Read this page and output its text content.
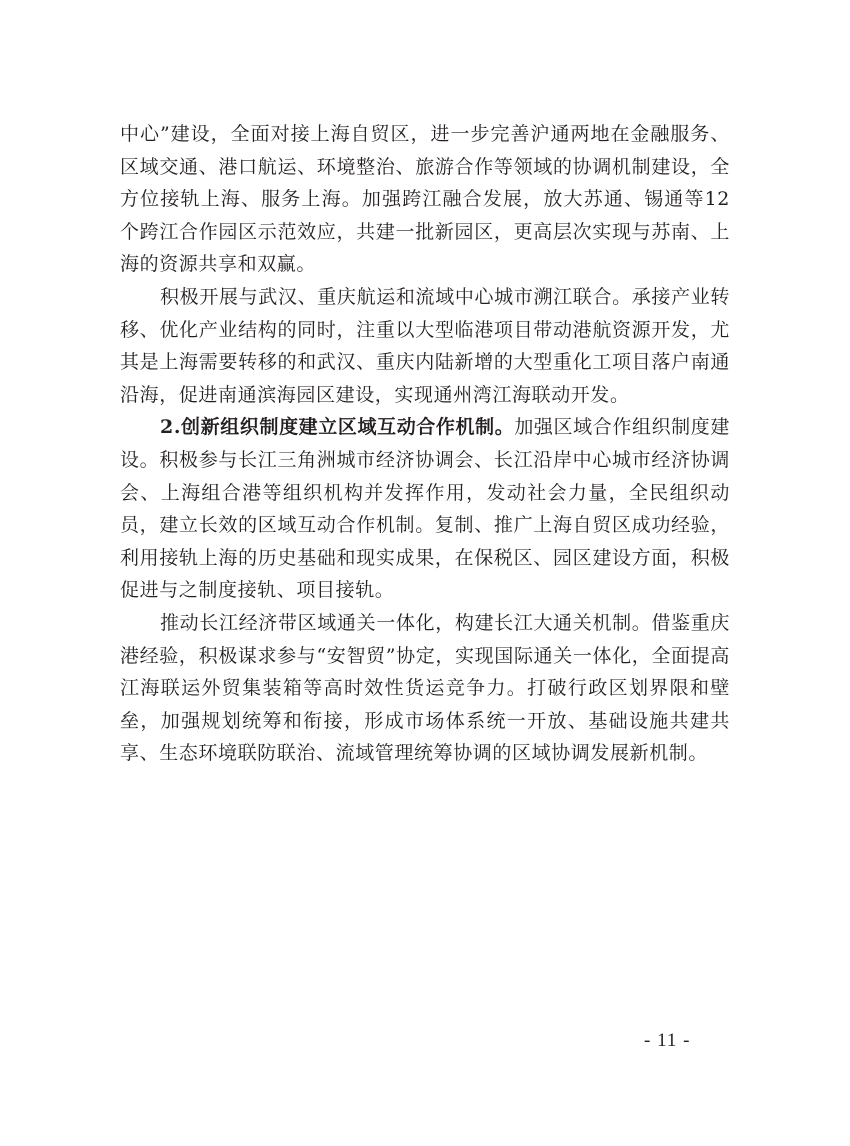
中心”建设，全面对接上海自贸区，进一步完善沪通两地在金融服务、区域交通、港口航运、环境整治、旅游合作等领域的协调机制建设，全方位接轨上海、服务上海。加强跨江融合发展，放大苏通、锡通等12个跨江合作园区示范效应，共建一批新园区，更高层次实现与苏南、上海的资源共享和双赢。

积极开展与武汉、重庆航运和流域中心城市溯江联合。承接产业转移、优化产业结构的同时，注重以大型临港项目带动港航资源开发，尤其是上海需要转移的和武汉、重庆内陆新增的大型重化工项目落户南通沿海，促进南通滨海园区建设，实现通州湾江海联动开发。

2.创新组织制度建立区域互动合作机制。加强区域合作组织制度建设。积极参与长江三角洲城市经济协调会、长江沿岸中心城市经济协调会、上海组合港等组织机构并发挥作用，发动社会力量，全民组织动员，建立长效的区域互动合作机制。复制、推广上海自贸区成功经验，利用接轨上海的历史基础和现实成果，在保税区、园区建设方面，积极促进与之制度接轨、项目接轨。

推动长江经济带区域通关一体化，构建长江大通关机制。借鉴重庆港经验，积极谋求参与“安智贸”协定，实现国际通关一体化，全面提高江海联运外贸集装箱等高时效性货运竞争力。打破行政区划界限和壁垒，加强规划统筹和衔接，形成市场体系统一开放、基础设施共建共享、生态环境联防联治、流域管理统筹协调的区域协调发展新机制。

- 11 -
